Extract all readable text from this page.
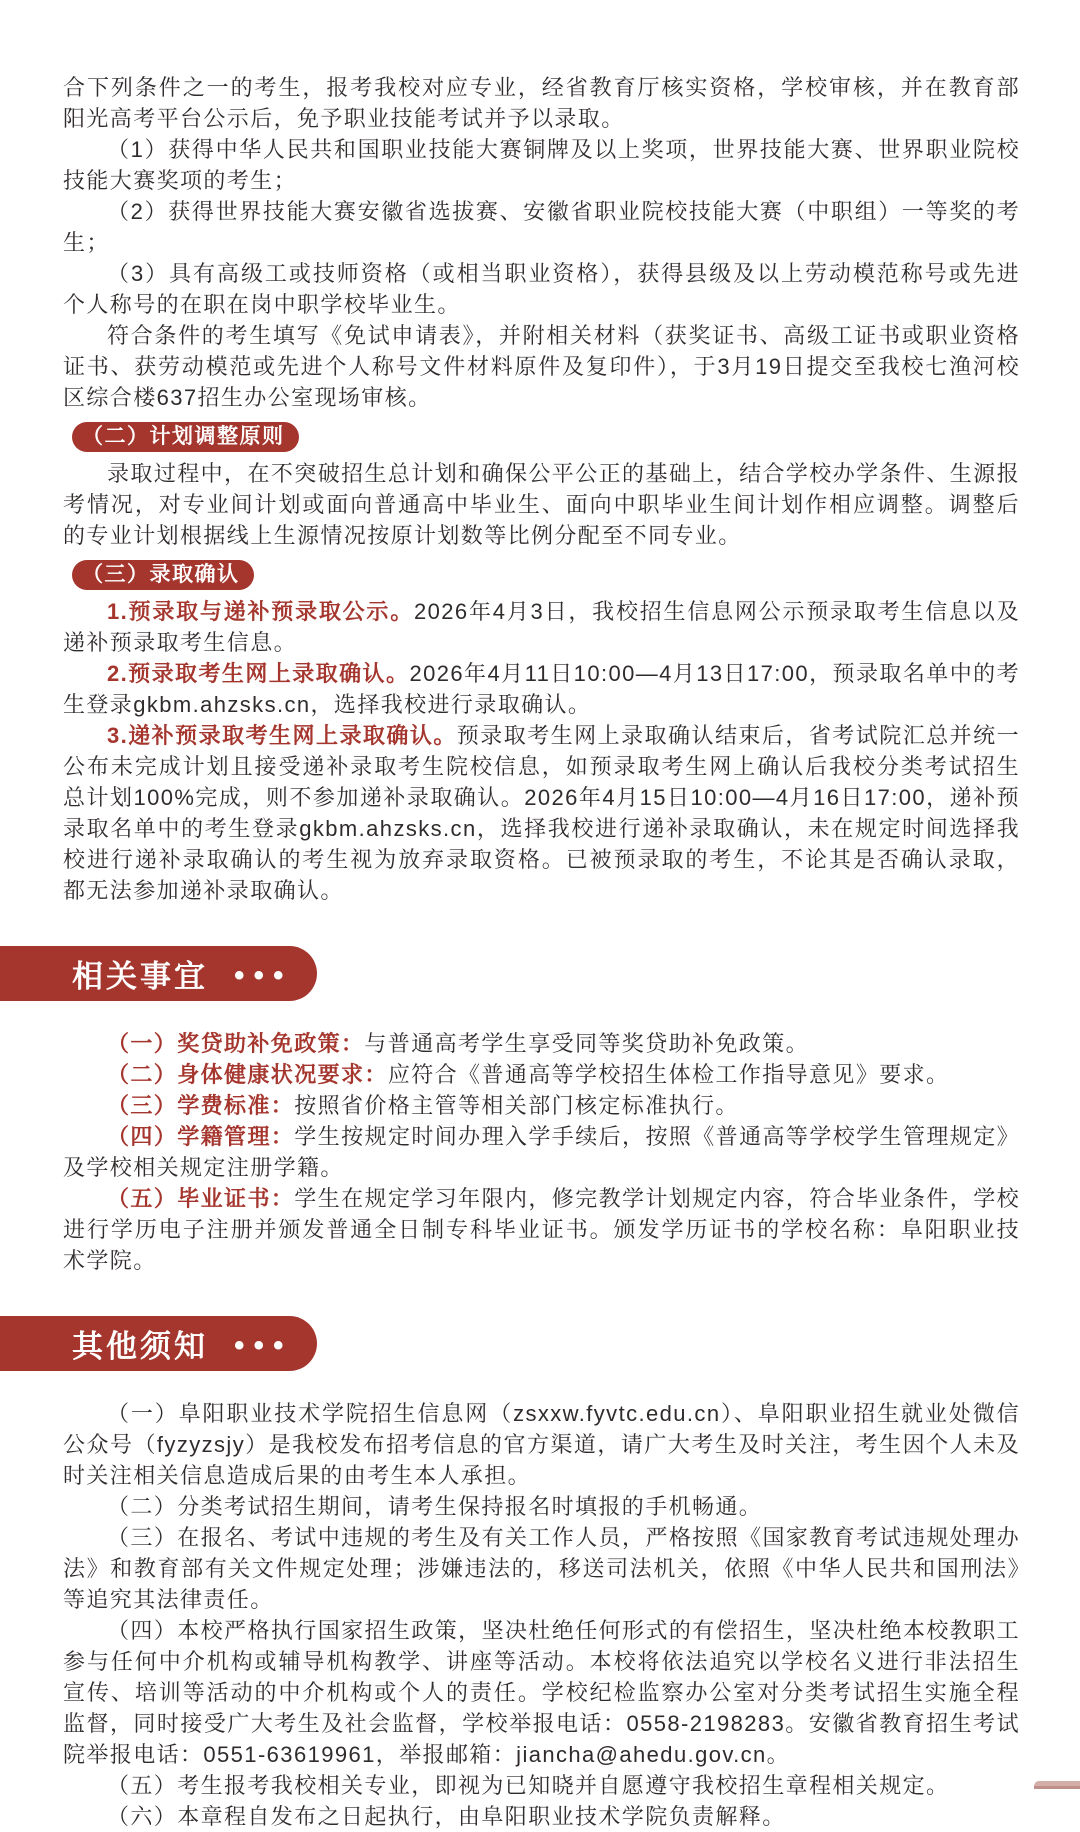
合下列条件之一的考生，报考我校对应专业，经省教育厅核实资格，学校审核，并在教育部阳光高考平台公示后，免予职业技能考试并予以录取。

（1）获得中华人民共和国职业技能大赛铜牌及以上奖项，世界技能大赛、世界职业院校技能大赛奖项的考生；

（2）获得世界技能大赛安徽省选拔赛、安徽省职业院校技能大赛（中职组）一等奖的考生；

（3）具有高级工或技师资格（或相当职业资格），获得县级及以上劳动模范称号或先进个人称号的在职在岗中职学校毕业生。

符合条件的考生填写《免试申请表》，并附相关材料（获奖证书、高级工证书或职业资格证书、获劳动模范或先进个人称号文件材料原件及复印件），于3月19日提交至我校七渔河校区综合楼637招生办公室现场审核。

（二）计划调整原则

录取过程中，在不突破招生总计划和确保公平公正的基础上，结合学校办学条件、生源报考情况，对专业间计划或面向普通高中毕业生、面向中职毕业生间计划作相应调整。调整后的专业计划根据线上生源情况按原计划数等比例分配至不同专业。

（三）录取确认

1.预录取与递补预录取公示。2026年4月3日，我校招生信息网公示预录取考生信息以及递补预录取考生信息。

2.预录取考生网上录取确认。2026年4月11日10:00—4月13日17:00，预录取名单中的考生登录gkbm.ahzsks.cn，选择我校进行录取确认。

3.递补预录取考生网上录取确认。预录取考生网上录取确认结束后，省考试院汇总并统一公布未完成计划且接受递补录取考生院校信息，如预录取考生网上确认后我校分类考试招生总计划100%完成，则不参加递补录取确认。2026年4月15日10:00—4月16日17:00，递补预录取名单中的考生登录gkbm.ahzsks.cn，选择我校进行递补录取确认，未在规定时间选择我校进行递补录取确认的考生视为放弃录取资格。已被预录取的考生，不论其是否确认录取，都无法参加递补录取确认。

相关事宜 •••

（一）奖贷助补免政策：与普通高考学生享受同等奖贷助补免政策。

（二）身体健康状况要求：应符合《普通高等学校招生体检工作指导意见》要求。

（三）学费标准：按照省价格主管等相关部门核定标准执行。

（四）学籍管理：学生按规定时间办理入学手续后，按照《普通高等学校学生管理规定》及学校相关规定注册学籍。

（五）毕业证书：学生在规定学习年限内，修完教学计划规定内容，符合毕业条件，学校进行学历电子注册并颁发普通全日制专科毕业证书。颁发学历证书的学校名称：阜阳职业技术学院。

其他须知 •••

（一）阜阳职业技术学院招生信息网（zsxxw.fyvtc.edu.cn）、阜阳职业招生就业处微信公众号（fyzyzsjy）是我校发布招考信息的官方渠道，请广大考生及时关注，考生因个人未及时关注相关信息造成后果的由考生本人承担。

（二）分类考试招生期间，请考生保持报名时填报的手机畅通。

（三）在报名、考试中违规的考生及有关工作人员，严格按照《国家教育考试违规处理办法》和教育部有关文件规定处理；涉嫌违法的，移送司法机关，依照《中华人民共和国刑法》等追究其法律责任。

（四）本校严格执行国家招生政策，坚决杜绝任何形式的有偿招生，坚决杜绝本校教职工参与任何中介机构或辅导机构教学、讲座等活动。本校将依法追究以学校名义进行非法招生宣传、培训等活动的中介机构或个人的责任。学校纪检监察办公室对分类考试招生实施全程监督，同时接受广大考生及社会监督，学校举报电话：0558-2198283。安徽省教育招生考试院举报电话：0551-63619961，举报邮箱：jiancha@ahedu.gov.cn。

（五）考生报考我校相关专业，即视为已知晓并自愿遵守我校招生章程相关规定。

（六）本章程自发布之日起执行，由阜阳职业技术学院负责解释。
